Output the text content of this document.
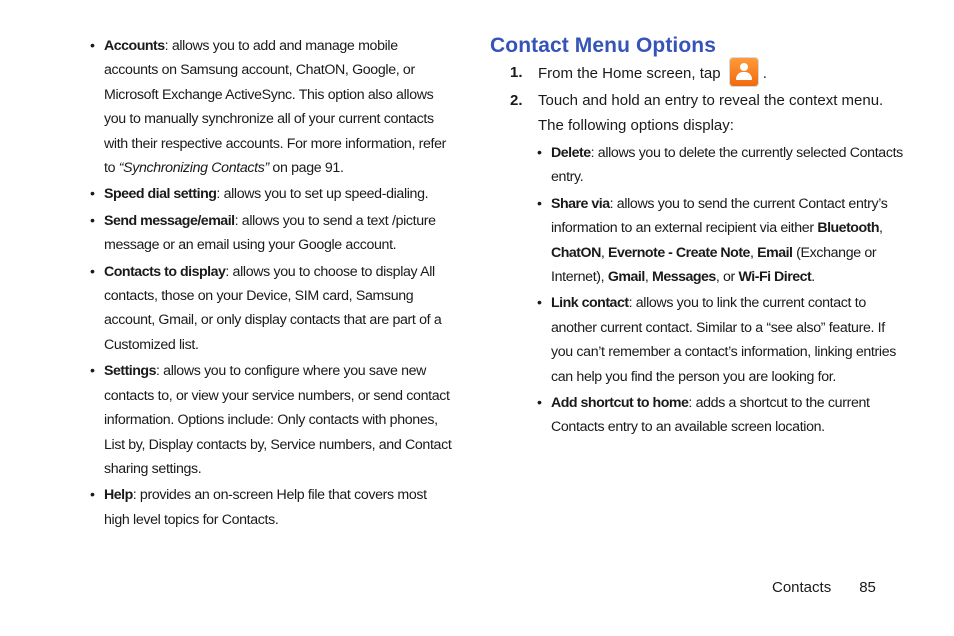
• Accounts: allows you to add and manage mobile accounts on Samsung account, ChatON, Google, or Microsoft Exchange ActiveSync. This option also allows you to manually synchronize all of your current contacts with their respective accounts. For more information, refer to “Synchronizing Contacts” on page 91.
• Speed dial setting: allows you to set up speed-dialing.
• Send message/email: allows you to send a text /picture message or an email using your Google account.
• Contacts to display: allows you to choose to display All contacts, those on your Device, SIM card, Samsung account, Gmail, or only display contacts that are part of a Customized list.
• Settings: allows you to configure where you save new contacts to, or view your service numbers, or send contact information. Options include: Only contacts with phones, List by, Display contacts by, Service numbers, and Contact sharing settings.
• Help: provides an on-screen Help file that covers most high level topics for Contacts.
Contact Menu Options
1. From the Home screen, tap	.
2. Touch and hold an entry to reveal the context menu. The following options display:
• Delete: allows you to delete the currently selected Contacts entry.
• Share via: allows you to send the current Contact entry’s information to an external recipient via either Bluetooth, ChatON, Evernote - Create Note, Email (Exchange or Internet), Gmail, Messages, or Wi-Fi Direct.
• Link contact: allows you to link the current contact to another current contact. Similar to a “see also” feature. If you can’t remember a contact’s information, linking entries can help you find the person you are looking for.
• Add shortcut to home: adds a shortcut to the current Contacts entry to an available screen location.
Contacts 85
